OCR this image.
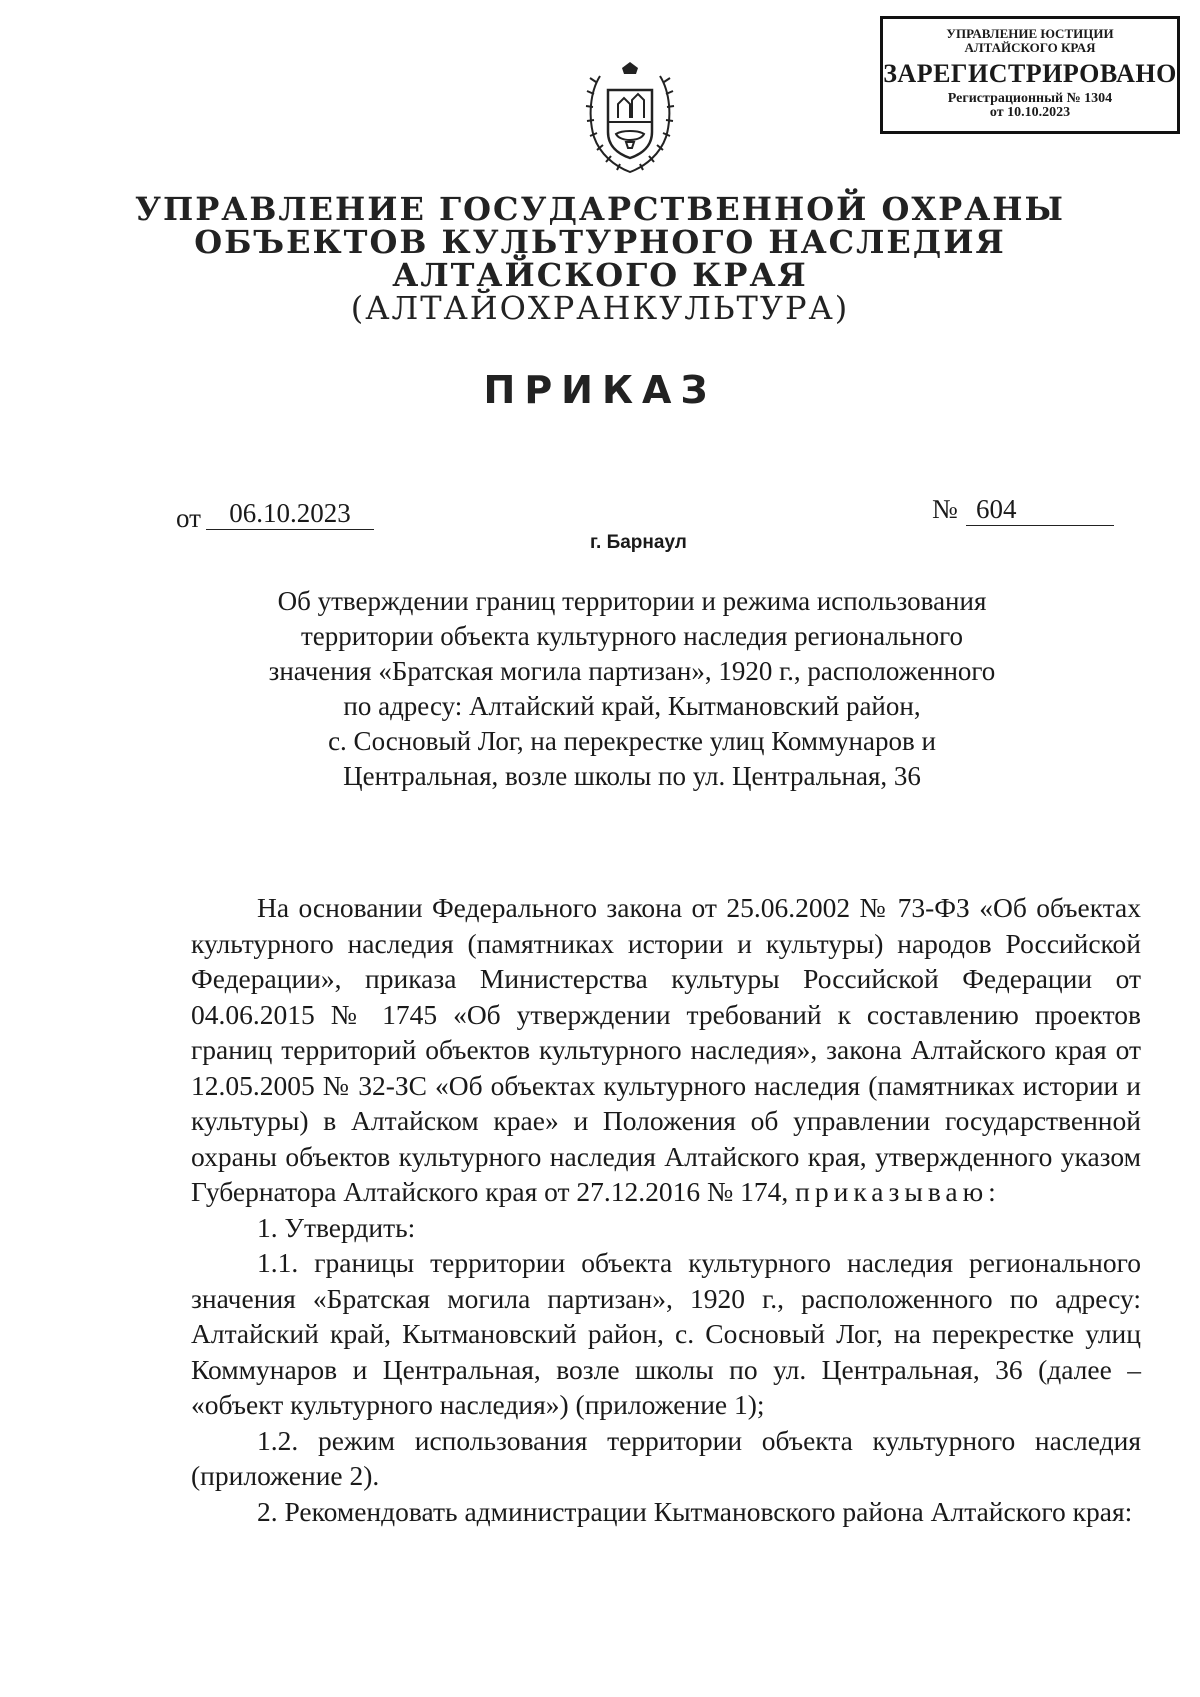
УПРАВЛЕНИЕ ЮСТИЦИИ
АЛТАЙСКОГО КРАЯ
ЗАРЕГИСТРИРОВАНО
Регистрационный № 1304
от 10.10.2023
УПРАВЛЕНИЕ ГОСУДАРСТВЕННОЙ ОХРАНЫ
ОБЪЕКТОВ КУЛЬТУРНОГО НАСЛЕДИЯ
АЛТАЙСКОГО КРАЯ
(АЛТАЙОХРАНКУЛЬТУРА)
ПРИКАЗ
от	06.10.2023	№ 604
г. Барнаул
Об утверждении границ территории и режима использования
территории объекта культурного наследия регионального
значения «Братская могила партизан», 1920 г., расположенного
по адресу: Алтайский край, Кытмановский район,
с. Сосновый Лог, на перекрестке улиц Коммунаров и
Центральная, возле школы по ул. Центральная, 36

На основании Федерального закона от 25.06.2002 № 73-ФЗ «Об объектах культурного наследия (памятниках истории и культуры) народов Российской Федерации», приказа Министерства культуры Российской Федерации от 04.06.2015 № 1745 «Об утверждении требований к составлению проектов границ территорий объектов культурного наследия», закона Алтайского края от 12.05.2005 № 32-ЗС «Об объектах культурного наследия (памятниках истории и культуры) в Алтайском крае» и Положения об управлении государственной охраны объектов культурного наследия Алтайского края, утвержденного указом Губернатора Алтайского края от 27.12.2016 № 174, приказываю:

1. Утвердить:

1.1. границы территории объекта культурного наследия регионального значения «Братская могила партизан», 1920 г., расположенного по адресу: Алтайский край, Кытмановский район, с. Сосновый Лог, на перекрестке улиц Коммунаров и Центральная, возле школы по ул. Центральная, 36 (далее – «объект культурного наследия») (приложение 1);

1.2. режим использования территории объекта культурного наследия (приложение 2).

2. Рекомендовать администрации Кытмановского района Алтайского края:
